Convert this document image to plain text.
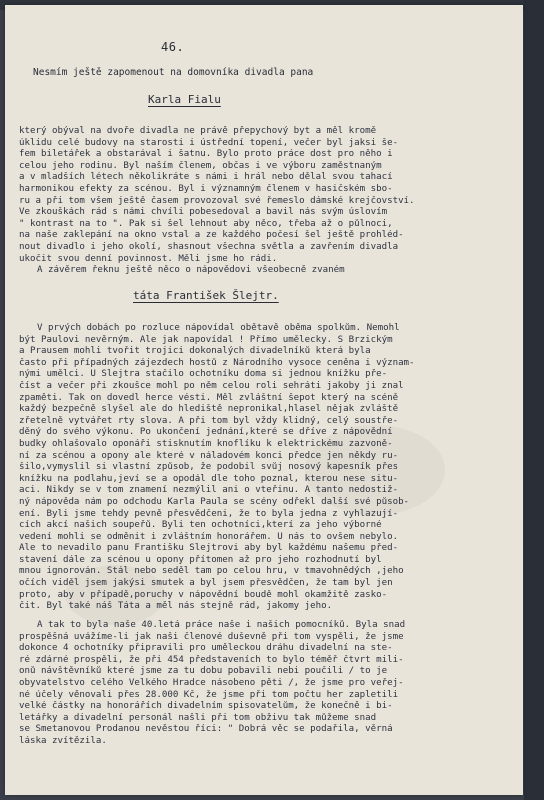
46.
Nesmím ještě zapomenout na domovníka divadla pana
Karla Fialu

který obýval na dvoře divadla ne právě přepychový byt a měl kromě
úklidu celé budovy na starosti i ústřední topení, večer byl jaksi še-
fem biletářek a obstarával i šatnu. Bylo proto práce dost pro něho i
celou jeho rodinu. Byl naším členem, občas i ve výboru zaměstnaným
a v mladších létech několikráte s námi i hrál nebo dělal svou tahací
harmonikou efekty za scénou. Byl i významným členem v hasičském sbo-
ru a při tom všem ještě časem provozoval své řemeslo dámské krejčovství.
Ve zkouškách rád s námi chvíli pobesedoval a bavil nás svým úslovím
" kontrast na to ". Pak si šel lehnout aby něco, třeba až o půlnoci,
na naše zaklepání na okno vstal a ze každého počesí šel ještě prohléd-
nout divadlo i jeho okolí, shasnout všechna světla a zavřením divadla
ukočit svou denní povinnost. Měli jsme ho rádi.
A závěrem řeknu ještě něco o nápovědovi všeobecně zvaném

táta František Šlejtr.

V prvých dobách po rozluce nápovídal obětavě oběma spolkům. Nemohl
být Paulovi nevěrným. Ale jak napovídal ! Přímo umělecky. S Brzickým
a Prausem mohli tvořit trojici dokonalých divadelníků která byla
často při případných zájezdech hostů z Národního vysoce ceněna i význam-
nými umělci. U Šlejtra stačilo ochotníku doma si jednou knížku pře-
číst a večer při zkoušce mohl po něm celou roli sehráti jakoby ji znal
zpaměti. Tak on dovedl herce vésti. Měl zvláštní šepot který na scéně
každý bezpečně slyšel ale do hlediště nepronikal,hlasel nějak zvláště
zřetelně vytvářet rty slova. A při tom byl vždy klidný, celý soustře-
děný do svého výkonu. Po ukončení jednání,které se dříve z nápovědní
budky ohlašovalo oponáři stisknutím knoflíku k elektrickému zazvoně-
ní za scénou a opony ale které v náladovém konci předce jen někdy ru-
šilo,vymyslil si vlastní způsob, že podobil svůj nosový kapesník přes
knížku na podlahu,jeví se a opodál dle toho poznal, kterou nese situ-
aci. Nikdy se v tom znamení nezmýlil ani o vteřinu. A tanto nedostiž-
ný nápověda nám po odchodu Karla Paula se scény odřekl další své působ-
ení. Byli jsme tehdy pevně přesvědčeni, že to byla jedna z vyhlazují-
cích akcí našich soupeřů. Byli ten ochotníci,kterí za jeho výborné
vedení mohli se odměnit i zvláštním honorářem. U nás to ovšem nebylo.
Ale to nevadilo panu Františku Šlejtrovi aby byl každému našemu před-
stavení dále za scénou u opony přítomen až pro jeho rozhodnutí byl
mnou ignorován. Stál nebo seděl tam po celou hru, v tmavohnědých ,jeho
očích viděl jsem jakýsi smutek a byl jsem přesvědčen, že tam byl jen
proto, aby v případě,poruchy v nápovědní boudě mohl okamžitě zasko-
čit. Byl také náš Táta a měl nás stejně rád, jakomy jeho.

A tak to byla naše 40.letá práce naše i našich pomocníků. Byla snad
prospěšná uvážíme-li jak naši členové duševně při tom vyspěli, že jsme
dokonce 4 ochotníky připravili pro uměleckou dráhu divadelní na ste-
ré zdárné prospěli, že při 454 představeních to bylo téměř čtvrt mili-
onů návštěvníků které jsme za tu dobu pobavili nebi poučili / to je
obyvatelstvo celého Velkého Hradce násobeno pěti /, že jsme pro veřej-
né účely věnovali přes 28.000 Kč, že jsme při tom počtu her zapletili
velké částky na honorářích divadelním spisovatelům, že konečně i bi-
letářky a divadelní personál našli při tom obživu tak můžeme snad
se Smetanovou Prodanou nevěstou říci: " Dobrá věc se podařila, věrná
láska zvítězila.
